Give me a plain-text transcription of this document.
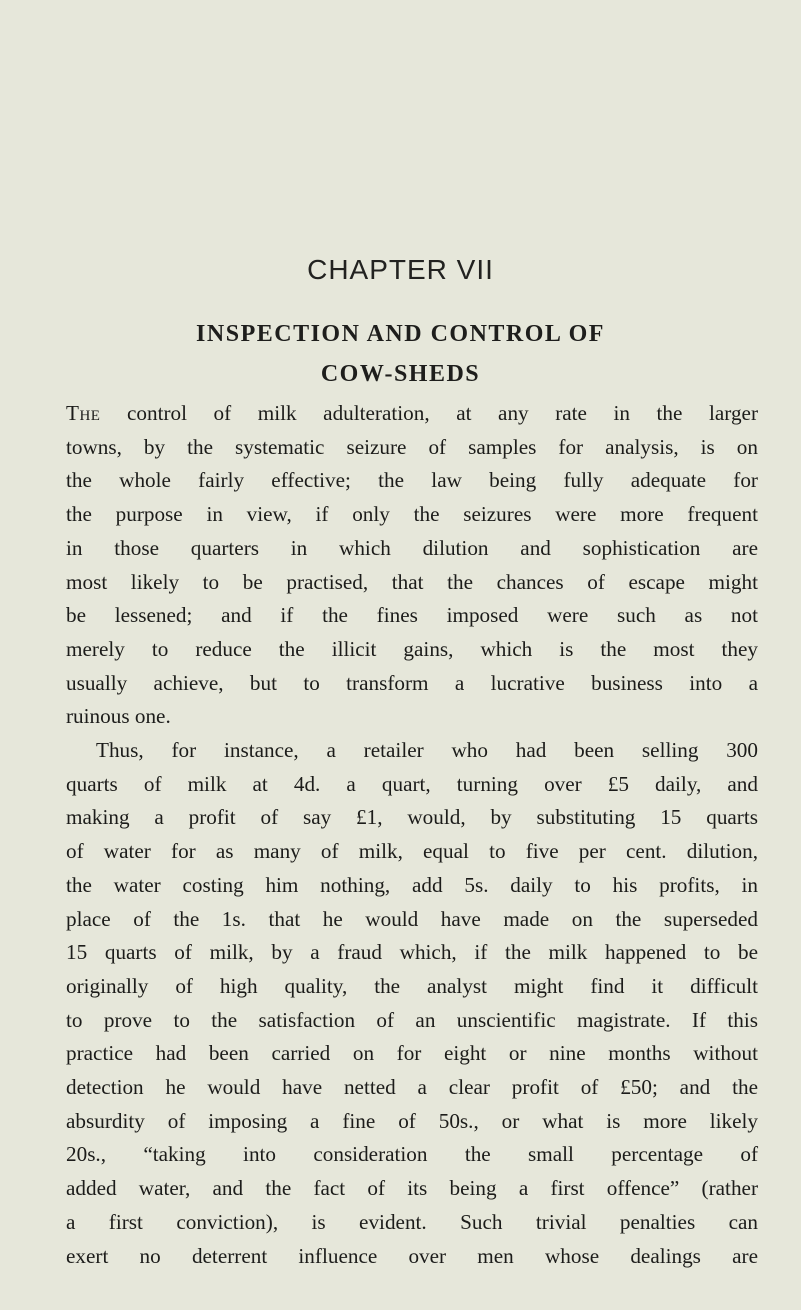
CHAPTER VII
INSPECTION AND CONTROL OF
COW-SHEDS

The control of milk adulteration, at any rate in the larger
towns, by the systematic seizure of samples for analysis, is on
the whole fairly effective; the law being fully adequate for
the purpose in view, if only the seizures were more frequent
in those quarters in which dilution and sophistication are
most likely to be practised, that the chances of escape might
be lessened; and if the fines imposed were such as not
merely to reduce the illicit gains, which is the most they
usually achieve, but to transform a lucrative business into a
ruinous one.

Thus, for instance, a retailer who had been selling 300
quarts of milk at 4d. a quart, turning over £5 daily, and
making a profit of say £1, would, by substituting 15 quarts
of water for as many of milk, equal to five per cent. dilution,
the water costing him nothing, add 5s. daily to his profits, in
place of the 1s. that he would have made on the superseded
15 quarts of milk, by a fraud which, if the milk happened to be
originally of high quality, the analyst might find it difficult
to prove to the satisfaction of an unscientific magistrate. If this
practice had been carried on for eight or nine months without
detection he would have netted a clear profit of £50; and the
absurdity of imposing a fine of 50s., or what is more likely
20s., “taking into consideration the small percentage of
added water, and the fact of its being a first offence” (rather
a first conviction), is evident. Such trivial penalties can
exert no deterrent influence over men whose dealings are
